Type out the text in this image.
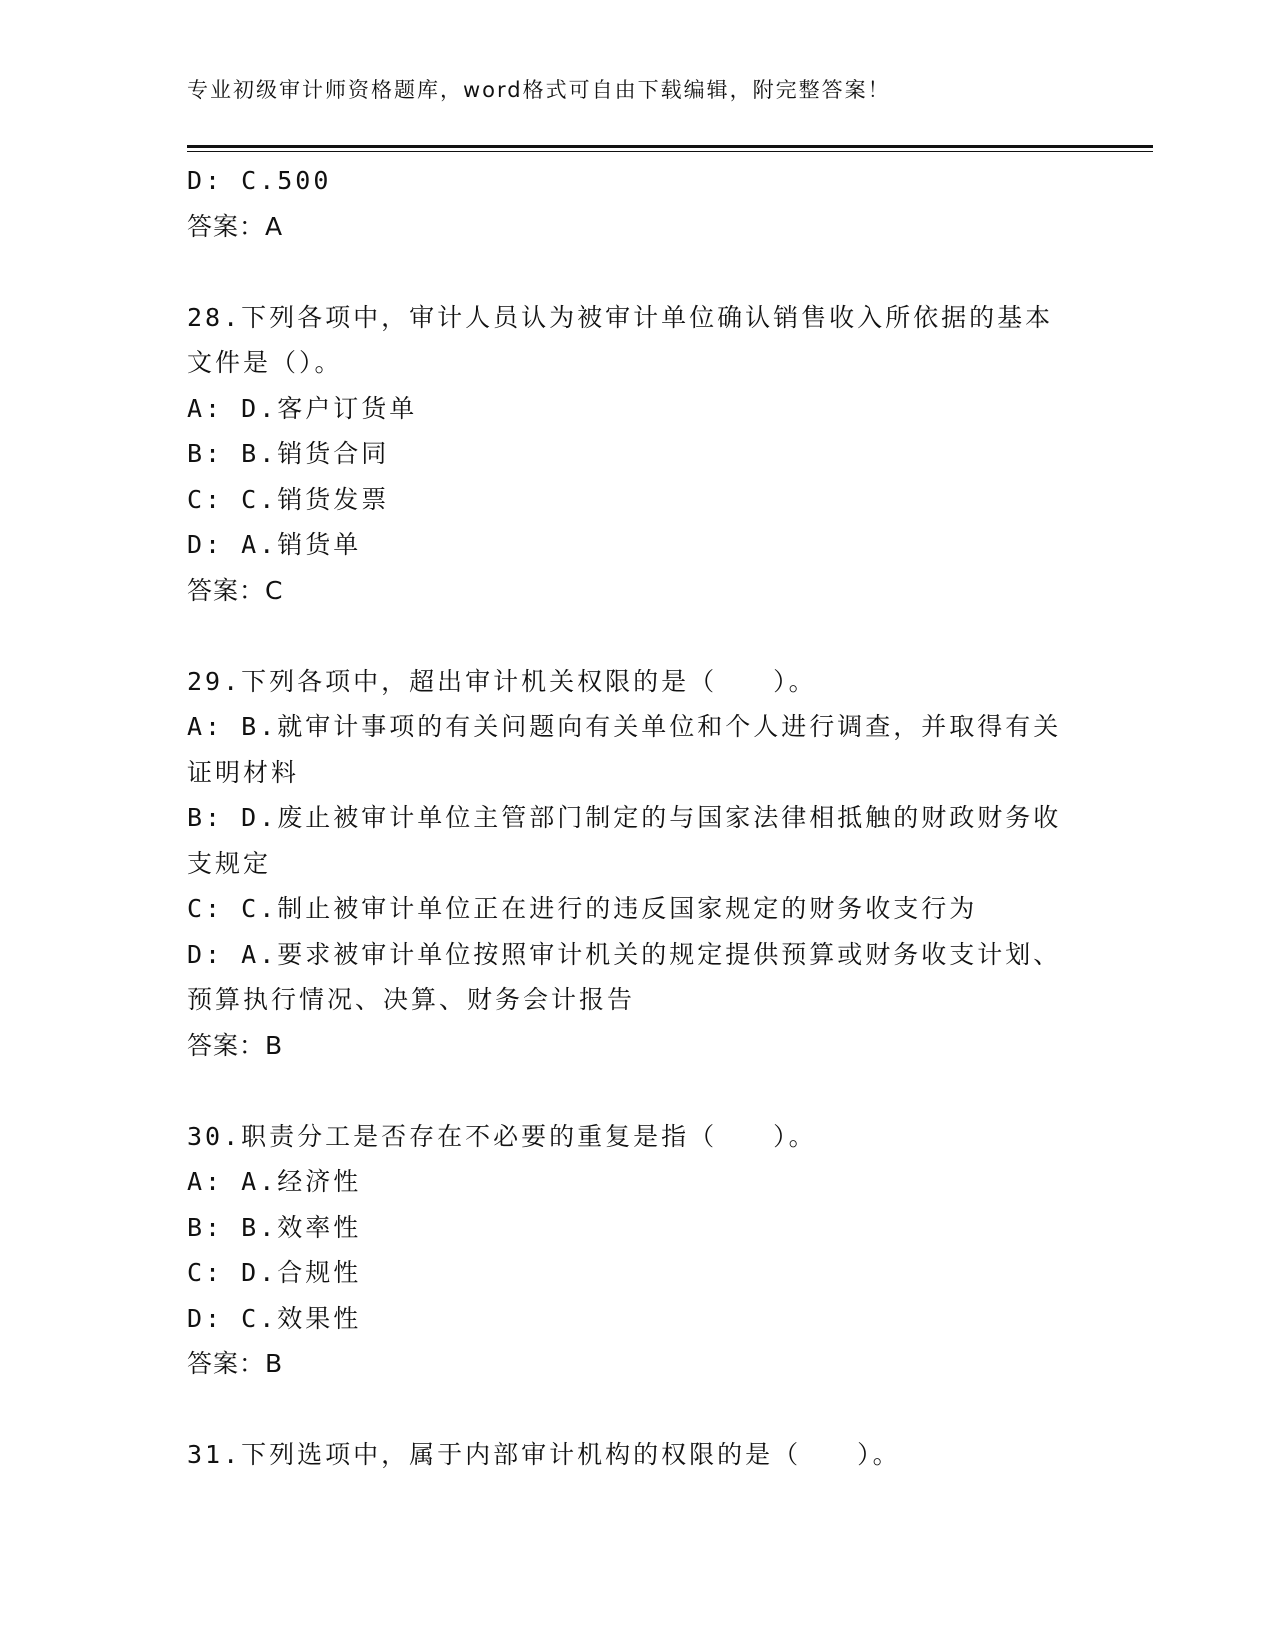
专业初级审计师资格题库，word格式可自由下载编辑，附完整答案！
D: C.500
答案：A
28.下列各项中，审计人员认为被审计单位确认销售收入所依据的基本
文件是（）。
A: D.客户订货单
B: B.销货合同
C: C.销货发票
D: A.销货单
答案：C
29.下列各项中，超出审计机关权限的是（　　）。
A: B.就审计事项的有关问题向有关单位和个人进行调查，并取得有关
证明材料
B: D.废止被审计单位主管部门制定的与国家法律相抵触的财政财务收
支规定
C: C.制止被审计单位正在进行的违反国家规定的财务收支行为
D: A.要求被审计单位按照审计机关的规定提供预算或财务收支计划、
预算执行情况、决算、财务会计报告
答案：B
30.职责分工是否存在不必要的重复是指（　　）。
A: A.经济性
B: B.效率性
C: D.合规性
D: C.效果性
答案：B
31.下列选项中，属于内部审计机构的权限的是（　　）。
